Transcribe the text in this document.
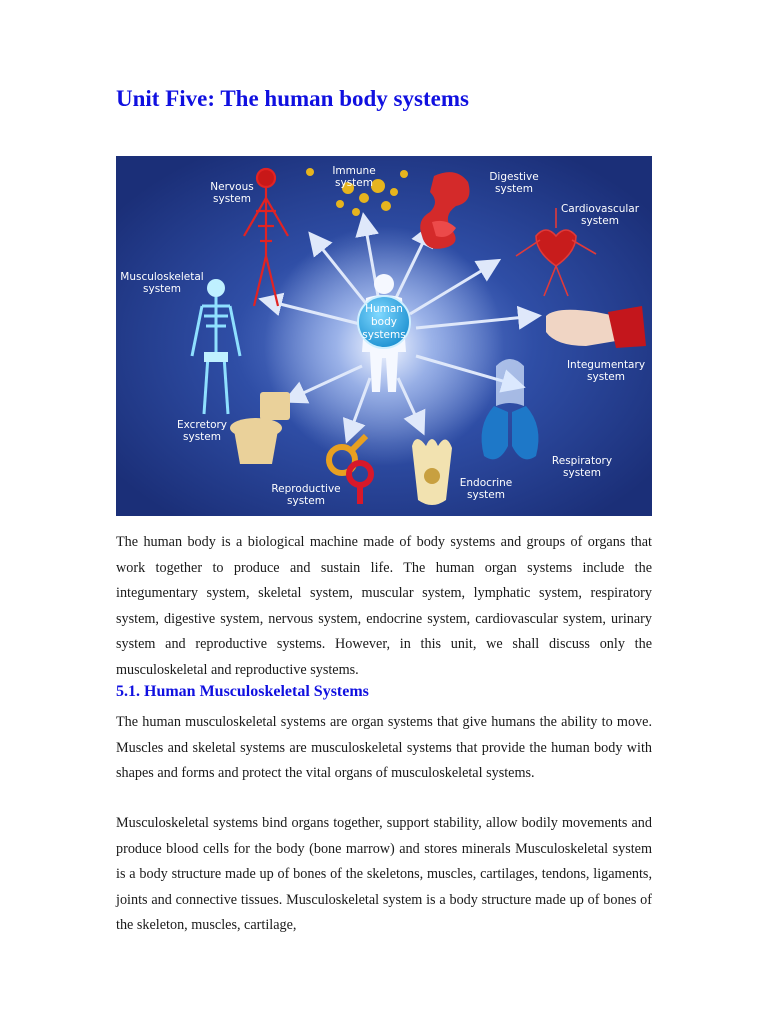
Unit Five: The human body systems
Human
body
systems
Nervous
system
Immune
system	Digestive
system
Cardiovascular
system
Musculoskeletal
system
Integumentary
system
Excretory
system
Respiratory
system
Reproductive
system
Endocrine
system

The human body is a biological machine made of body systems and groups of organs that work together to produce and sustain life. The human organ systems include the integumentary system, skeletal system, muscular system, lymphatic system, respiratory system, digestive system, nervous system, endocrine system, cardiovascular system, urinary system and reproductive systems. However, in this unit, we shall discuss only the musculoskeletal and reproductive systems.

5.1. Human Musculoskeletal Systems

The human musculoskeletal systems are organ systems that give humans the ability to move. Muscles and skeletal systems are musculoskeletal systems that provide the human body with shapes and forms and protect the vital organs of musculoskeletal systems.

Musculoskeletal systems bind organs together, support stability, allow bodily movements and produce blood cells for the body (bone marrow) and stores minerals Musculoskeletal system is a body structure made up of bones of the skeletons, muscles, cartilages, tendons, ligaments, joints and connective tissues. Musculoskeletal system is a body structure made up of bones of the skeleton, muscles, cartilage,
